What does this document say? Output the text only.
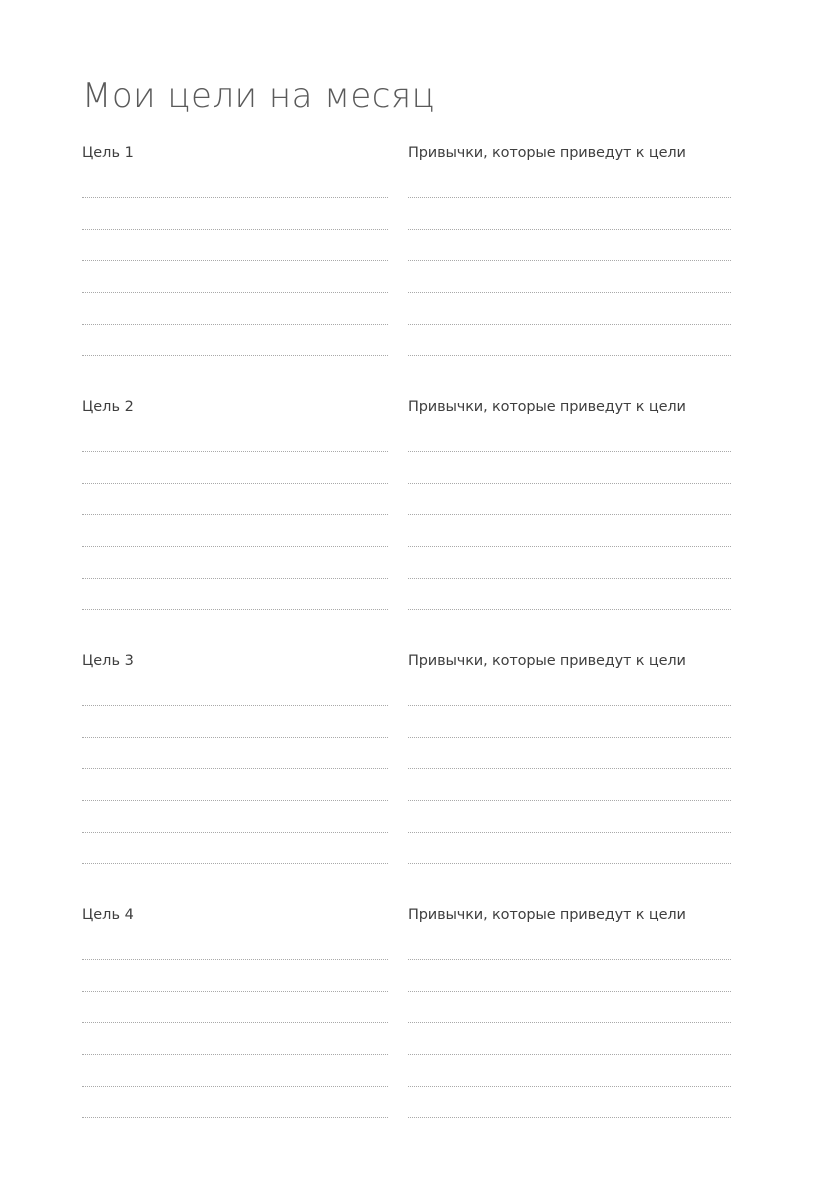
Мои цели на месяц
Цель 1	Привычки, которые приведут к цели
Цель 2	Привычки, которые приведут к цели
Цель 3	Привычки, которые приведут к цели
Цель 4	Привычки, которые приведут к цели
